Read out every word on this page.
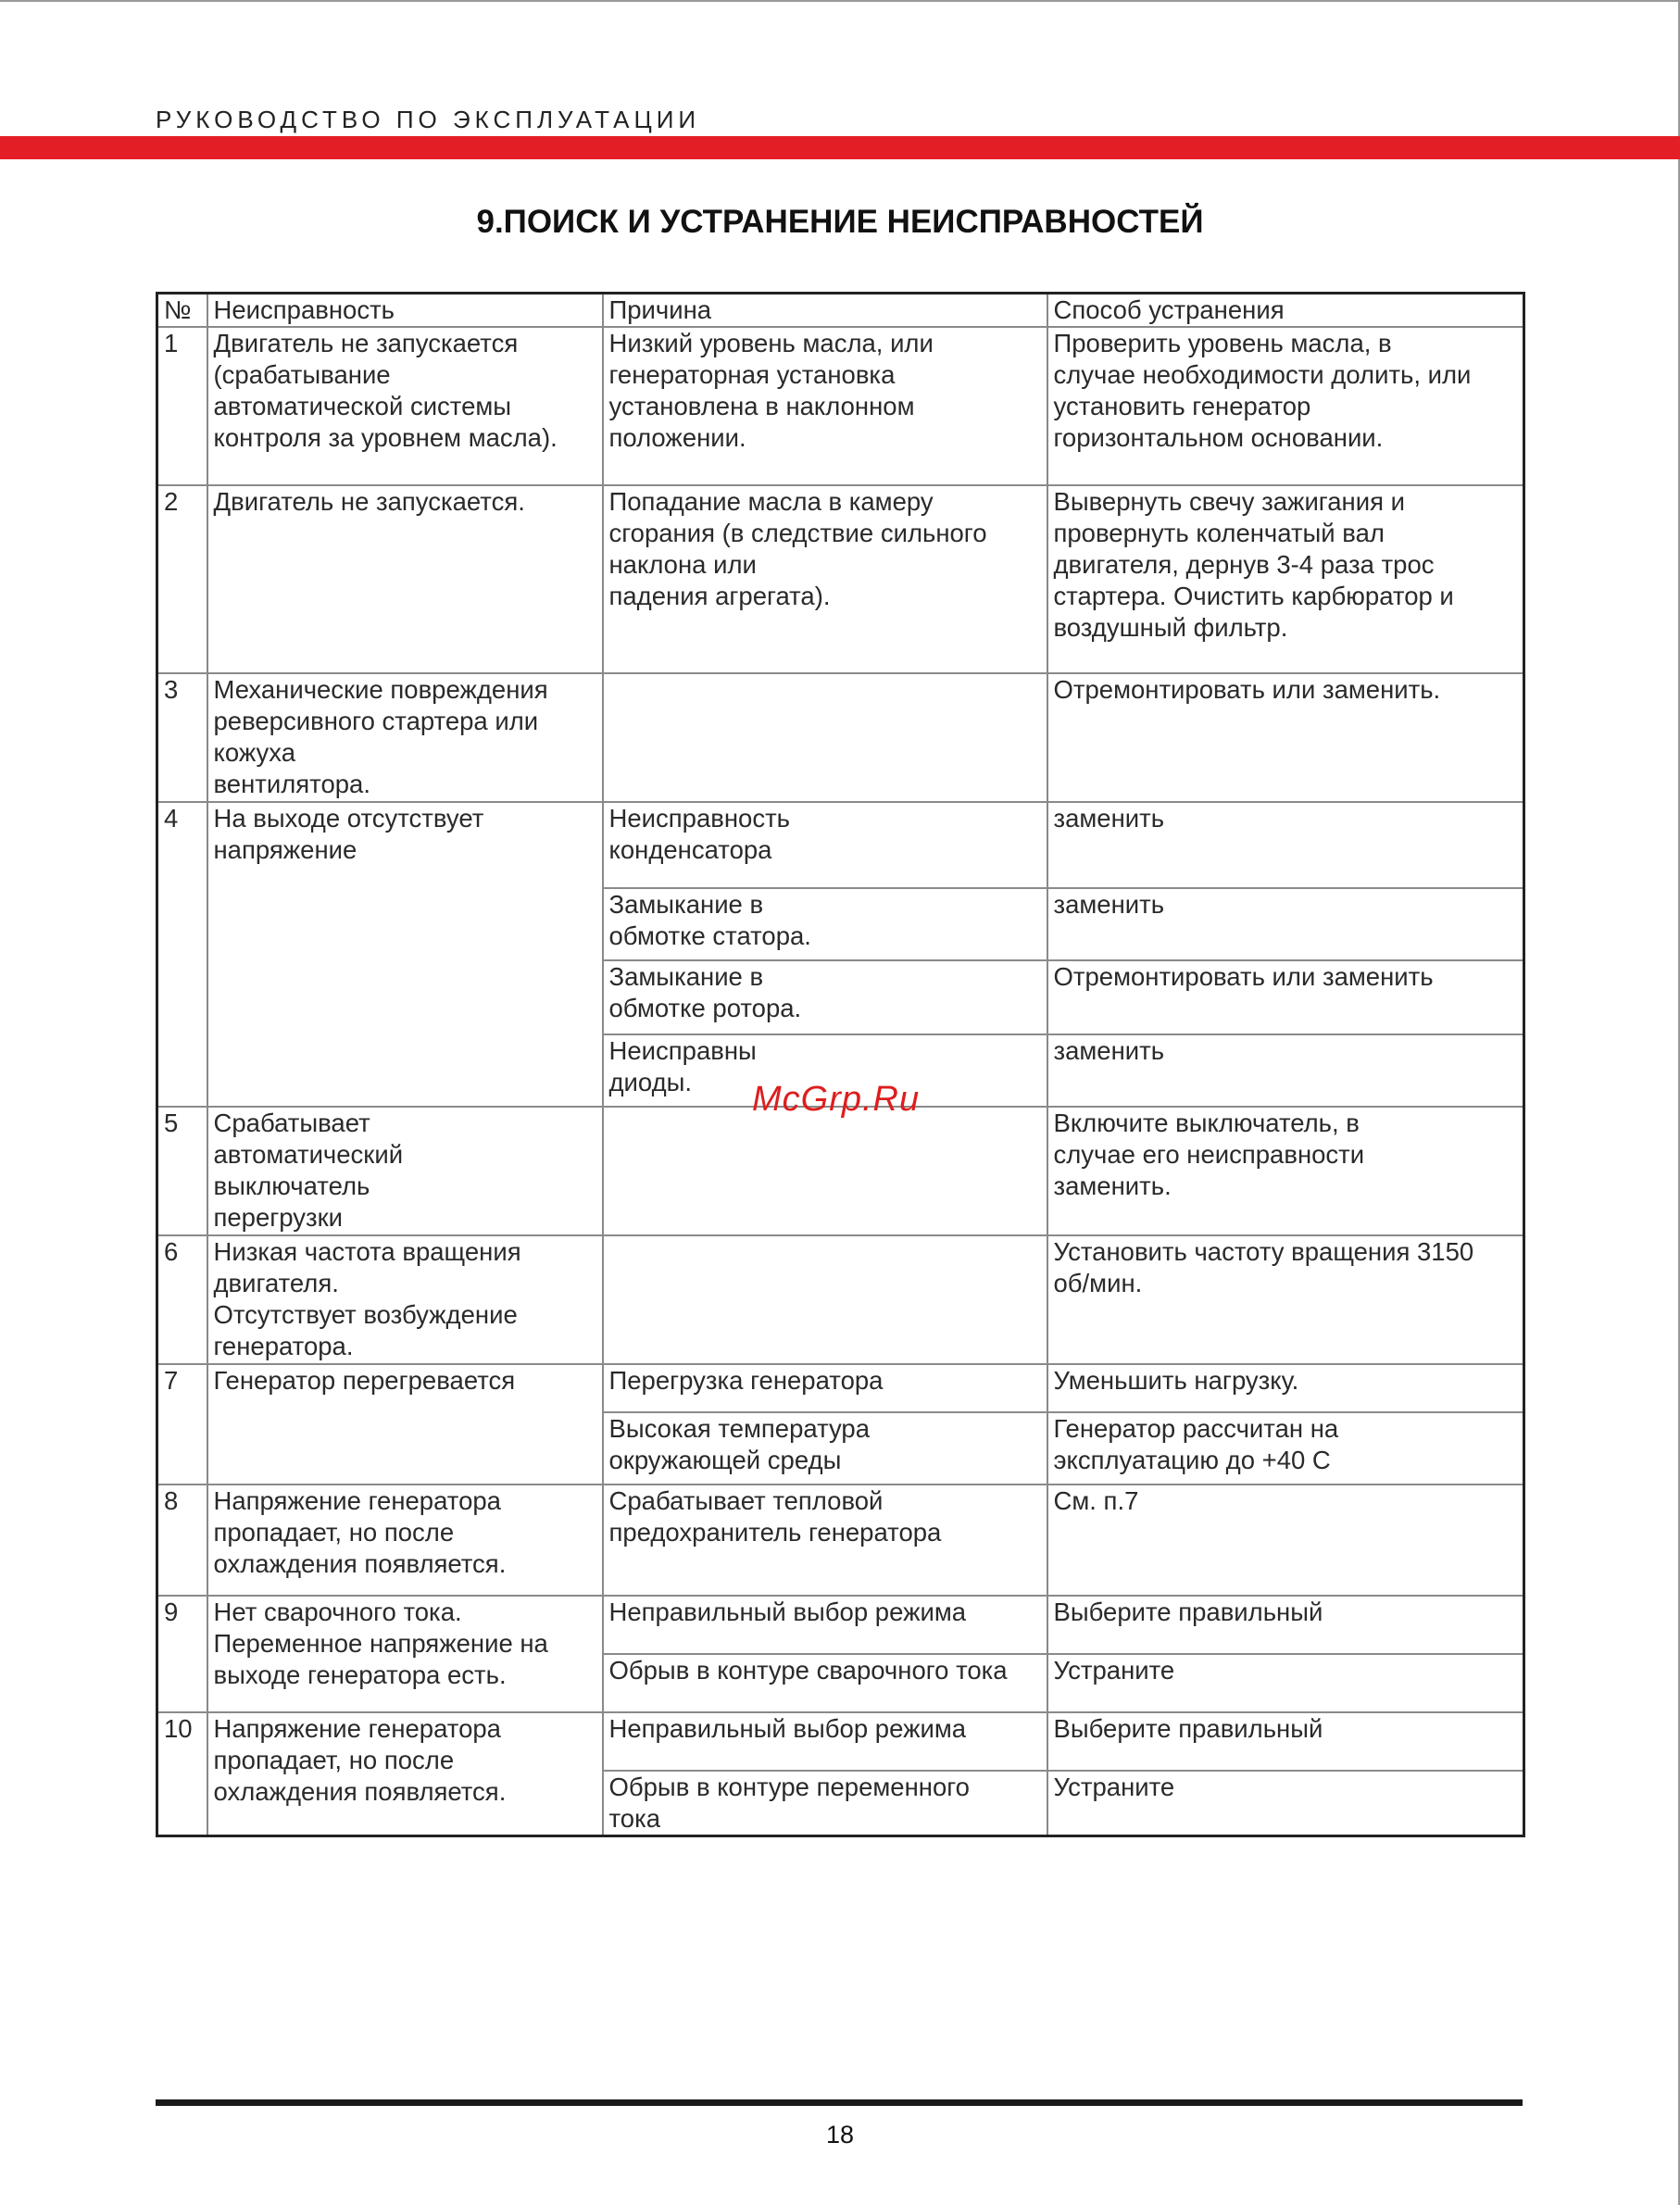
РУКОВОДСТВО ПО ЭКСПЛУАТАЦИИ
9.ПОИСК И УСТРАНЕНИЕ НЕИСПРАВНОСТЕЙ
№	Неисправность	Причина	Способ устранения
1	Двигатель не запускается
(срабатывание
автоматической системы
контроля за уровнем масла).	Низкий уровень масла, или
генераторная установка
установлена в наклонном
положении.	Проверить уровень масла, в
случае необходимости долить, или
установить генератор
горизонтальном основании.
2	Двигатель не запускается.	Попадание масла в камеру
сгорания (в следствие сильного
наклона или
падения агрегата).	Вывернуть свечу зажигания и
провернуть коленчатый вал
двигателя, дернув 3-4 раза трос
стартера. Очистить карбюратор и
воздушный фильтр.
3	Механические повреждения
реверсивного стартера или
кожуха
вентилятора.		Отремонтировать или заменить.
4	На выходе отсутствует
напряжение	Неисправность
конденсатора	заменить
		Замыкание в
обмотке статора.	заменить
		Замыкание в
обмотке ротора.	Отремонтировать или заменить
		Неисправны
диоды.	заменить
5	Срабатывает
автоматический
выключатель
перегрузки		Включите выключатель, в
случае его неисправности
заменить.
6	Низкая частота вращения
двигателя.
Отсутствует возбуждение
генератора.		Установить частоту вращения 3150
об/мин.
7	Генератор перегревается	Перегрузка генератора	Уменьшить нагрузку.
		Высокая температура
окружающей среды	Генератор рассчитан на
эксплуатацию до +40 С
8	Напряжение генератора
пропадает, но после
охлаждения появляется.	Срабатывает тепловой
предохранитель генератора	См. п.7
9	Нет сварочного тока.
Переменное напряжение на
выходе генератора есть.	Неправильный выбор режима	Выберите правильный
		Обрыв в контуре сварочного тока	Устраните
10	Напряжение генератора
пропадает, но после
охлаждения появляется.	Неправильный выбор режима	Выберите правильный
		Обрыв в контуре переменного
тока	Устраните
McGrp.Ru
18
